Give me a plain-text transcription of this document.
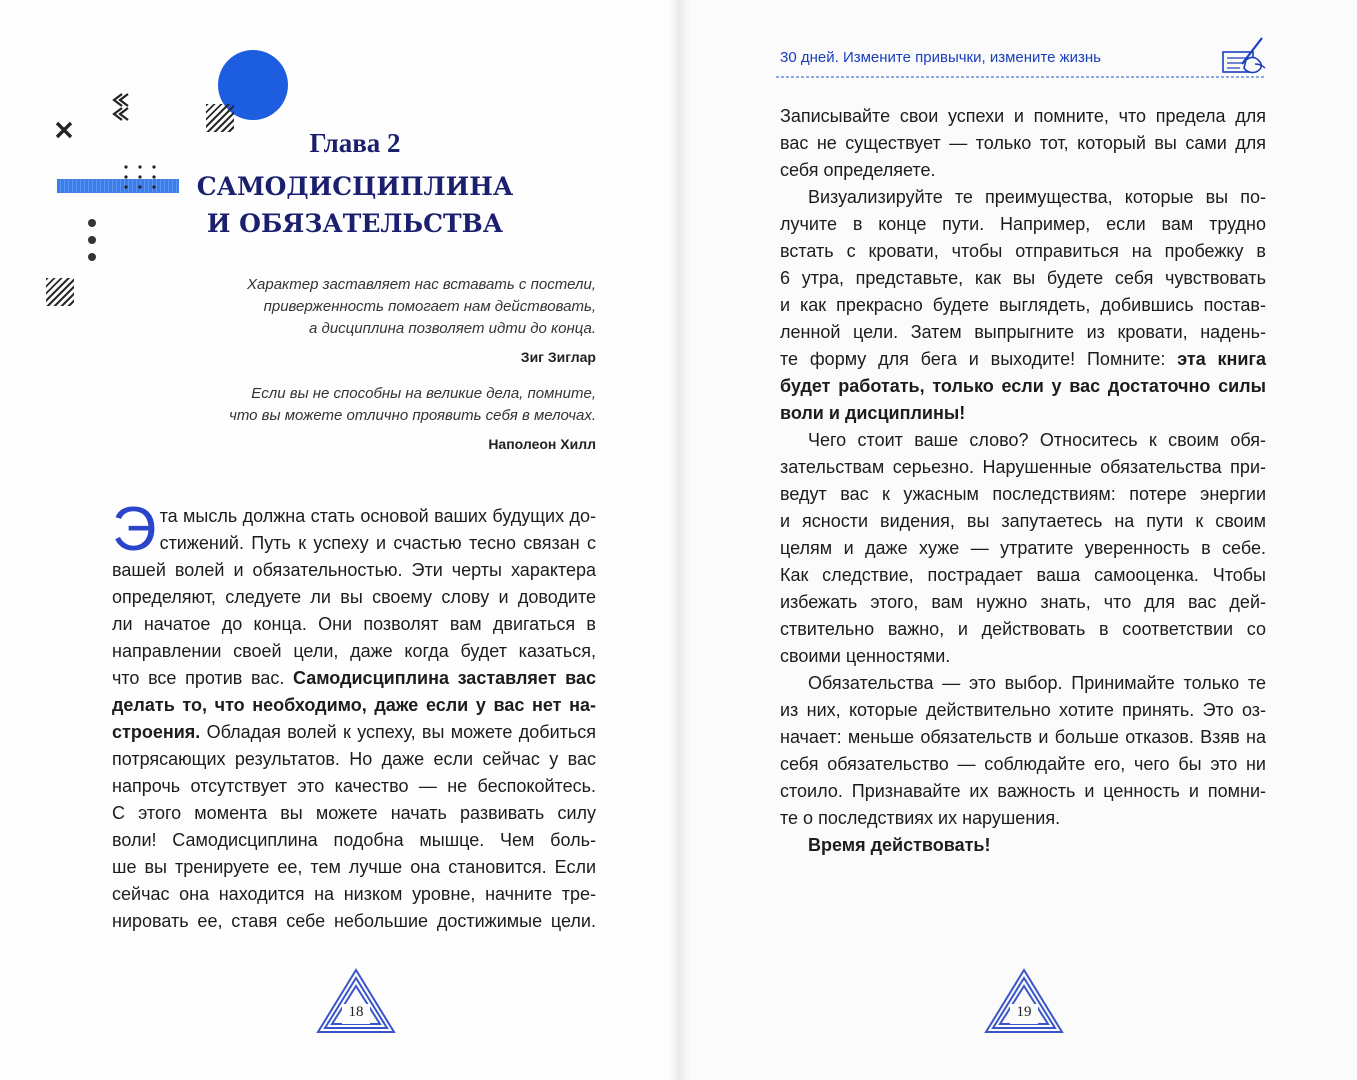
Глава 2
САМОДИСЦИПЛИНА
И ОБЯЗАТЕЛЬСТВА
Характер заставляет нас вставать с постели,
приверженность помогает нам действовать,
а дисциплина позволяет идти до конца.
Зиг Зиглар
Если вы не способны на великие дела, помните,
что вы можете отлично проявить себя в мелочах.
Наполеон Хилл
Э та мысль должна стать основой ваших будущих до-
стижений. Путь к успеху и счастью тесно связан с
вашей волей и обязательностью. Эти черты характера
определяют, следуете ли вы своему слову и доводите
ли начатое до конца. Они позволят вам двигаться в
направлении своей цели, даже когда будет казаться,
что все против вас. Самодисциплина заставляет вас
делать то, что необходимо, даже если у вас нет на-
строения. Обладая волей к успеху, вы можете добиться
потрясающих результатов. Но даже если сейчас у вас
напрочь отсутствует это качество — не беспокойтесь.
С этого момента вы можете начать развивать силу
воли! Самодисциплина подобна мышце. Чем боль-
ше вы тренируете ее, тем лучше она становится. Если
сейчас она находится на низком уровне, начните тре-
нировать ее, ставя себе небольшие достижимые цели.
18
30 дней. Измените привычки, измените жизнь
Записывайте свои успехи и помните, что предела для
вас не существует — только тот, который вы сами для
себя определяете.
Визуализируйте те преимущества, которые вы по-
лучите в конце пути. Например, если вам трудно
встать с кровати, чтобы отправиться на пробежку в
6 утра, представьте, как вы будете себя чувствовать
и как прекрасно будете выглядеть, добившись постав-
ленной цели. Затем выпрыгните из кровати, надень-
те форму для бега и выходите! Помните: эта книга
будет работать, только если у вас достаточно силы
воли и дисциплины!
Чего стоит ваше слово? Относитесь к своим обя-
зательствам серьезно. Нарушенные обязательства при-
ведут вас к ужасным последствиям: потере энергии
и ясности видения, вы запутаетесь на пути к своим
целям и даже хуже — утратите уверенность в себе.
Как следствие, пострадает ваша самооценка. Чтобы
избежать этого, вам нужно знать, что для вас дей-
ствительно важно, и действовать в соответствии со
своими ценностями.
Обязательства — это выбор. Принимайте только те
из них, которые действительно хотите принять. Это оз-
начает: меньше обязательств и больше отказов. Взяв на
себя обязательство — соблюдайте его, чего бы это ни
стоило. Признавайте их важность и ценность и помни-
те о последствиях их нарушения.
Время действовать!
19
